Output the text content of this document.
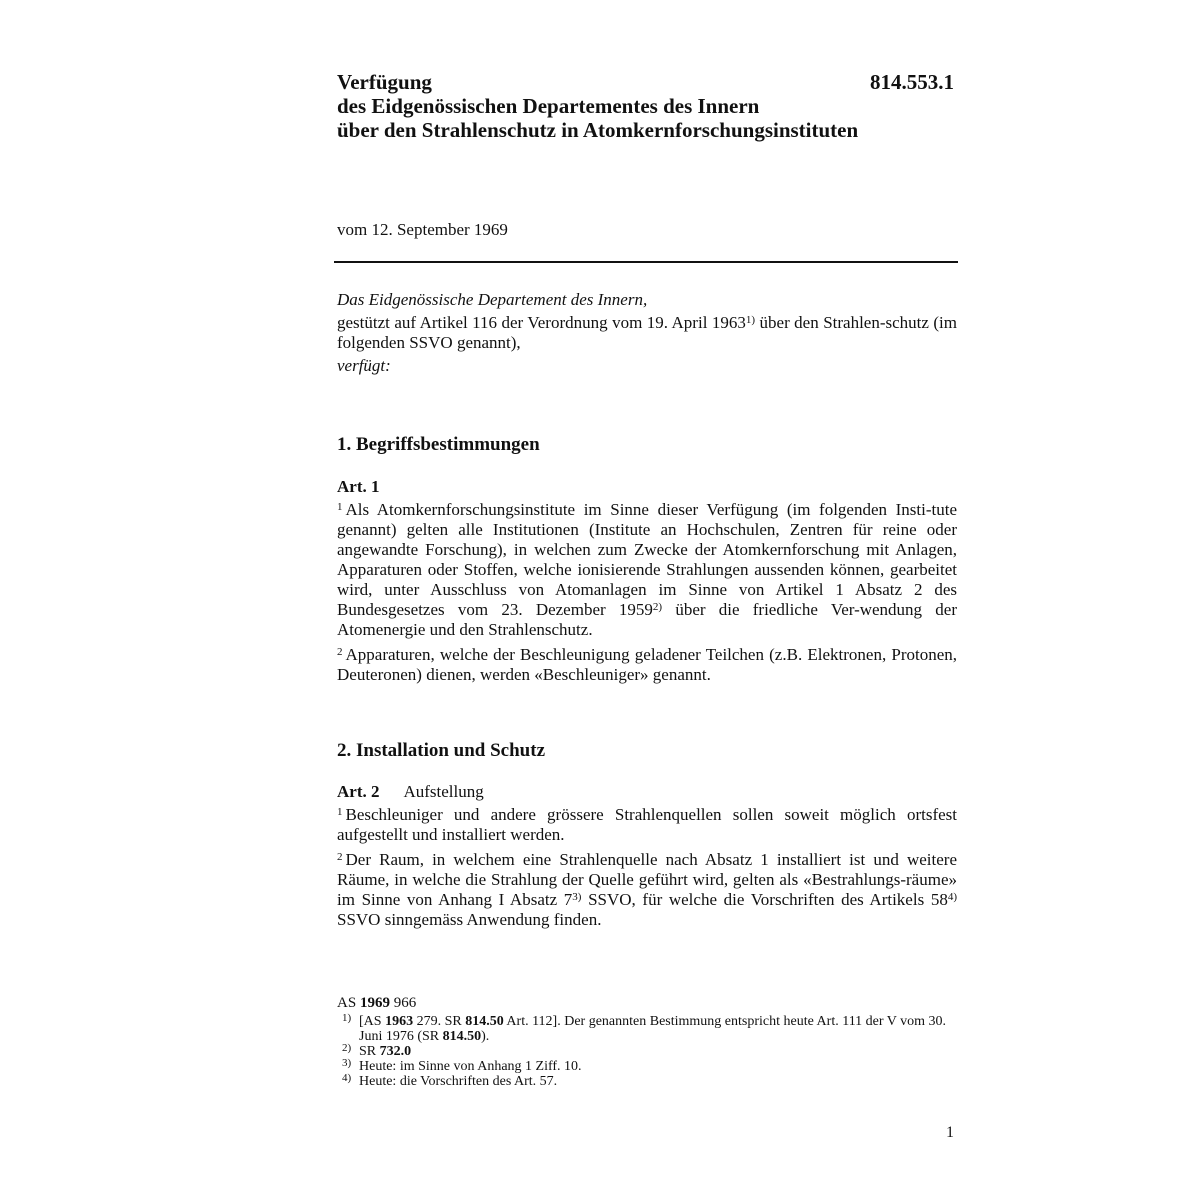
Verfügung
des Eidgenössischen Departementes des Innern
über den Strahlenschutz in Atomkernforschungsinstituten
814.553.1
vom 12. September 1969

Das Eidgenössische Departement des Innern,

gestützt auf Artikel 116 der Verordnung vom 19. April 1963$^{1)}$ über den Strahlen-schutz (im folgenden SSVO genannt),

verfügt:

1. Begriffsbestimmungen
Art. 1

$^1$ Als Atomkernforschungsinstitute im Sinne dieser Verfügung (im folgenden Insti-tute genannt) gelten alle Institutionen (Institute an Hochschulen, Zentren für reine oder angewandte Forschung), in welchen zum Zwecke der Atomkernforschung mit Anlagen, Apparaturen oder Stoffen, welche ionisierende Strahlungen aussenden können, gearbeitet wird, unter Ausschluss von Atomanlagen im Sinne von Artikel 1 Absatz 2 des Bundesgesetzes vom 23. Dezember 1959$^{2)}$ über die friedliche Ver-wendung der Atomenergie und den Strahlenschutz.

$^2$ Apparaturen, welche der Beschleunigung geladener Teilchen (z.B. Elektronen, Protonen, Deuteronen) dienen, werden «Beschleuniger» genannt.

2. Installation und Schutz
Art. 2 Aufstellung

$^1$ Beschleuniger und andere grössere Strahlenquellen sollen soweit möglich ortsfest aufgestellt und installiert werden.

$^2$ Der Raum, in welchem eine Strahlenquelle nach Absatz 1 installiert ist und weitere Räume, in welche die Strahlung der Quelle geführt wird, gelten als «Bestrahlungs-räume» im Sinne von Anhang I Absatz 7$^{3)}$ SSVO, für welche die Vorschriften des Artikels 58$^{4)}$ SSVO sinngemäss Anwendung finden.

AS 1969 966
1) [AS 1963 279. SR 814.50 Art. 112]. Der genannten Bestimmung entspricht heute Art. 111 der V vom 30. Juni 1976 (SR 814.50).
2) SR 732.0
3) Heute: im Sinne von Anhang 1 Ziff. 10.
4) Heute: die Vorschriften des Art. 57.
1
